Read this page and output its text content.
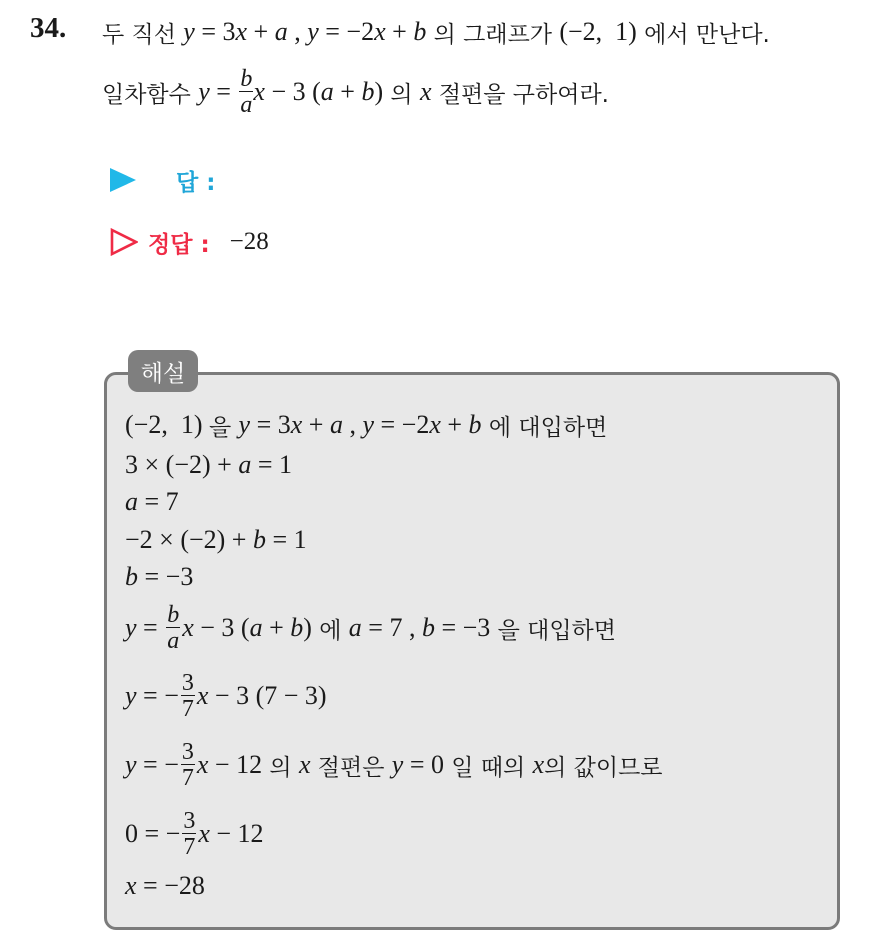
34. 두 직선 y = 3 x + a , y = −2 x + b 의 그래프가 (−2,  1) 에서 만난다.
일차함수 $y = \frac{b}{a}$ x − 3 ( a + b ) 의 x 절편을 구하여라.
답 :
정답 : −28
해설
(−2,  1) 을 y = 3 x + a , y = −2 x + b 에 대입하면
3 × (−2) + a = 1
a = 7
−2 × (−2) + b = 1
b = −3
$y = \frac{b}{a}$ x − 3 ( a + b ) 에 a = 7 , b = −3 을 대입하면
y = − $\frac{3}{7}$ x − 3 (7 − 3)
y = − $\frac{3}{7}$ x − 12 의 x 절편은 y = 0 일 때의 x 의 값이므로
0 = − $\frac{3}{7}$ x − 12
x = −28
